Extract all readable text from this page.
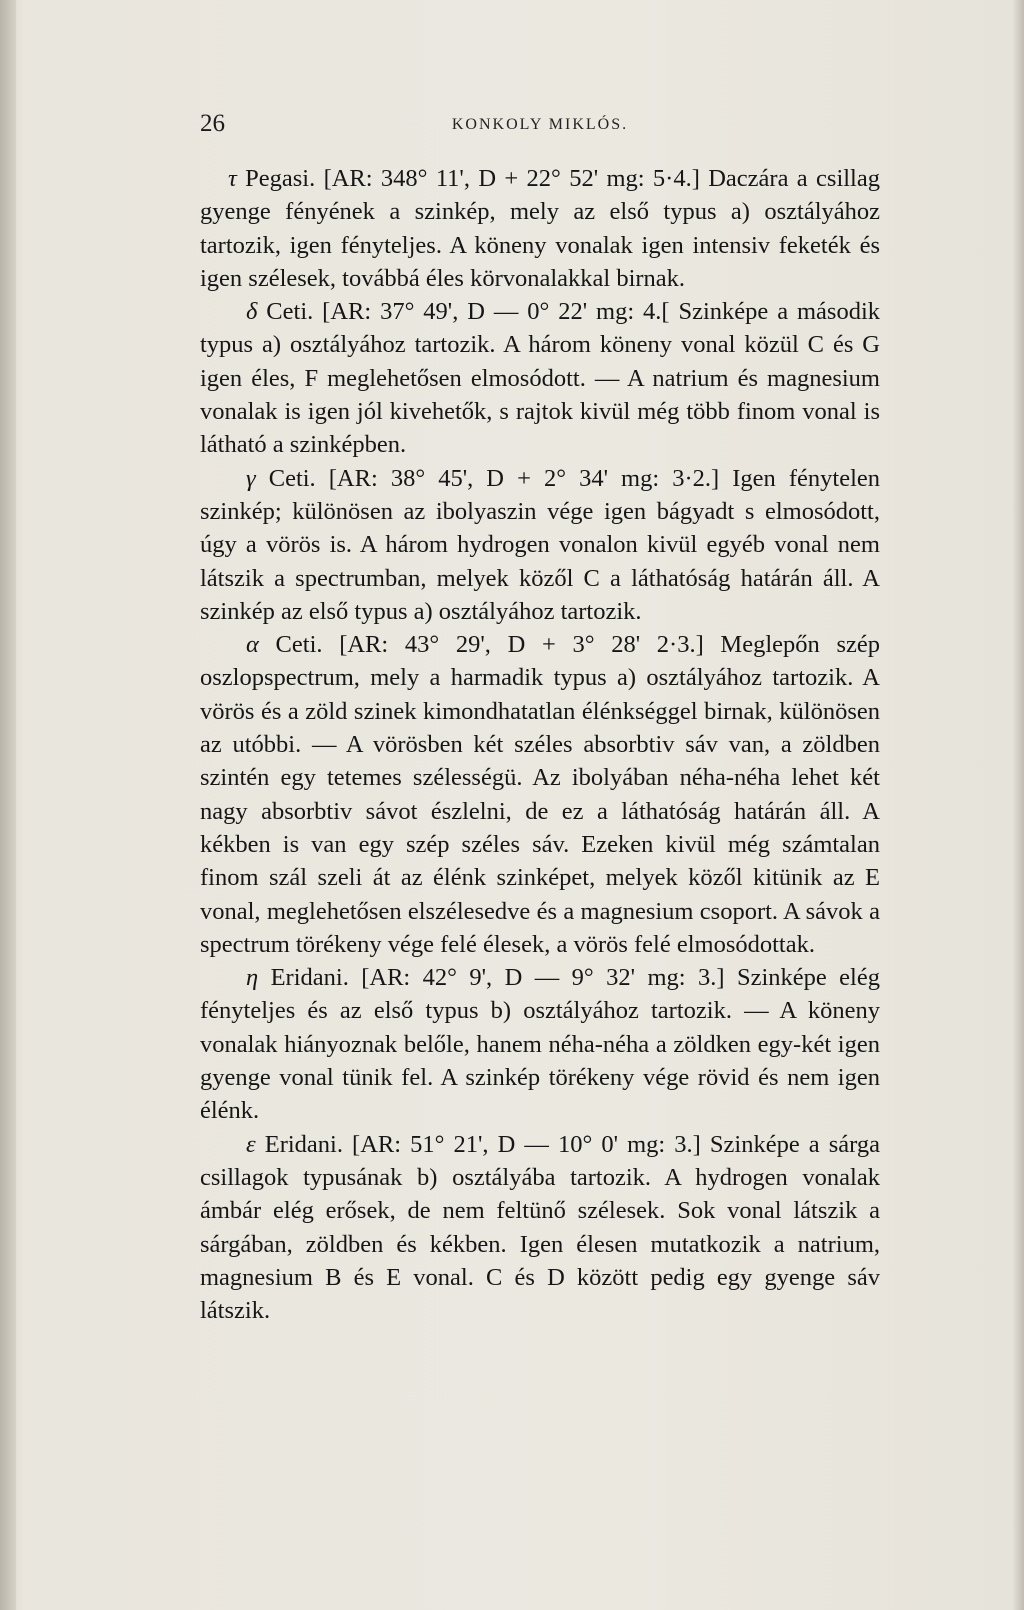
26	KONKOLY MIKLÓS.

τ Pegasi. [AR: 348° 11', D + 22° 52' mg: 5·4.] Daczára a csillag gyenge fényének a szinkép, mely az első typus a) osztályához tartozik, igen fényteljes. A köneny vonalak igen intensiv feketék és igen szélesek, továbbá éles körvonalakkal birnak.

δ Ceti. [AR: 37° 49', D — 0° 22' mg: 4.[ Szinképe a második typus a) osztályához tartozik. A három köneny vonal közül C és G igen éles, F meglehetősen elmosódott. — A natrium és magnesium vonalak is igen jól kivehetők, s rajtok kivül még több finom vonal is látható a szinképben.

γ Ceti. [AR: 38° 45', D + 2° 34' mg: 3·2.] Igen fénytelen szinkép; különösen az ibolyaszin vége igen bágyadt s elmosódott, úgy a vörös is. A három hydrogen vonalon kivül egyéb vonal nem látszik a spectrumban, melyek közől C a láthatóság határán áll. A szinkép az első typus a) osztályához tartozik.

α Ceti. [AR: 43° 29', D + 3° 28' 2·3.] Meglepőn szép oszlopspectrum, mely a harmadik typus a) osztályához tartozik. A vörös és a zöld szinek kimondhatatlan élénkséggel birnak, különösen az utóbbi. — A vörösben két széles absorbtiv sáv van, a zöldben szintén egy tetemes szélességü. Az ibolyában néha-néha lehet két nagy absorbtiv sávot észlelni, de ez a láthatóság határán áll. A kékben is van egy szép széles sáv. Ezeken kivül még számtalan finom szál szeli át az élénk szinképet, melyek közől kitünik az E vonal, meglehetősen elszélesedve és a magnesium csoport. A sávok a spectrum törékeny vége felé élesek, a vörös felé elmosódottak.

η Eridani. [AR: 42° 9', D — 9° 32' mg: 3.] Szinképe elég fényteljes és az első typus b) osztályához tartozik. — A köneny vonalak hiányoznak belőle, hanem néha-néha a zöldken egy-két igen gyenge vonal tünik fel. A szinkép törékeny vége rövid és nem igen élénk.

ε Eridani. [AR: 51° 21', D — 10° 0' mg: 3.] Szinképe a sárga csillagok typusának b) osztályába tartozik. A hydrogen vonalak ámbár elég erősek, de nem feltünő szélesek. Sok vonal látszik a sárgában, zöldben és kékben. Igen élesen mutatkozik a natrium, magnesium B és E vonal. C és D között pedig egy gyenge sáv látszik.
